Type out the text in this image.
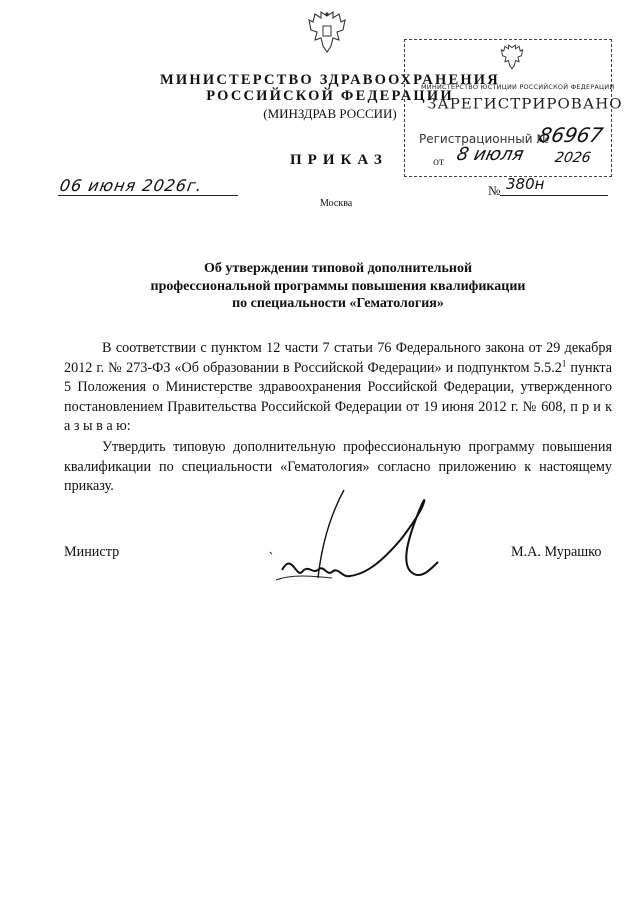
МИНИСТЕРСТВО ЗДРАВООХРАНЕНИЯ
РОССИЙСКОЙ ФЕДЕРАЦИИ
(МИНЗДРАВ РОССИИ)
ПРИКАЗ
06 июня 2026г.
Москва
№ 380н
МИНИСТЕРСТВО ЮСТИЦИИ РОССИЙСКОЙ ФЕДЕРАЦИИ
ЗАРЕГИСТРИРОВАНО
Регистрационный №
86967
от 8 июля 2026
Об утверждении типовой дополнительной
профессиональной программы повышения квалификации
по специальности «Гематология»
В соответствии с пунктом 12 части 7 статьи 76 Федерального закона от 29 декабря 2012 г. № 273-ФЗ «Об образовании в Российской Федерации» и подпунктом 5.5.2$^1$ пункта 5 Положения о Министерстве здравоохранения Российской Федерации, утвержденного постановлением Правительства Российской Федерации от 19 июня 2012 г. № 608, п р и к а з ы в а ю:
Утвердить типовую дополнительную профессиональную программу повышения квалификации по специальности «Гематология» согласно приложению к настоящему приказу.
Министр	М.А. Мурашко
